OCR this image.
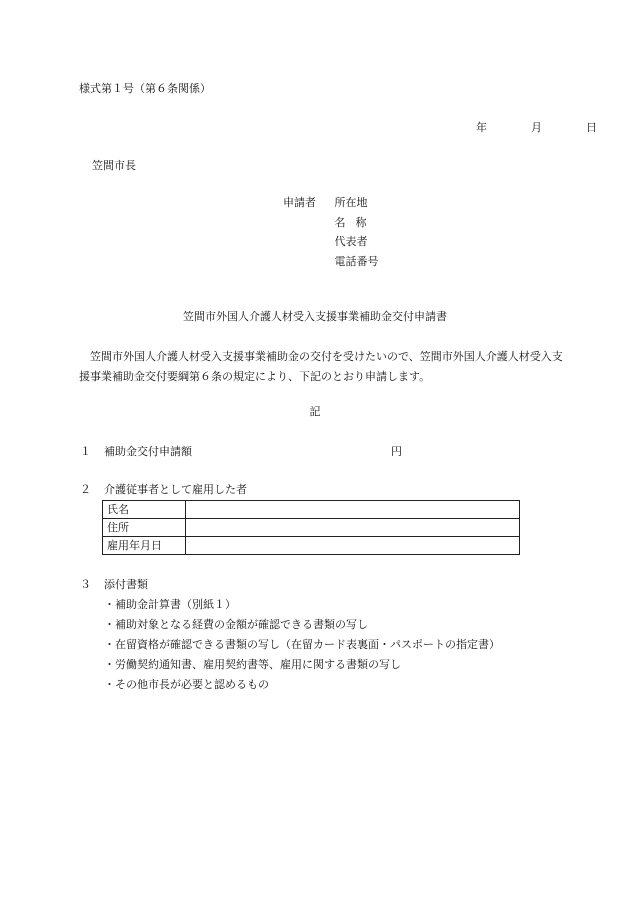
様式第１号（第６条関係）
年	月	日
笠間市長
申請者 所在地
名称
代表者
電話番号
笠間市外国人介護人材受入支援事業補助金交付申請書
笠間市外国人介護人材受入支援事業補助金の交付を受けたいので、笠間市外国人介護人材受入支援事業補助金交付要綱第６条の規定により、下記のとおり申請します。
記
１ 補助金交付申請額	円
２ 介護従事者として雇用した者
氏名	
住所	
雇用年月日	
３ 添付書類
・補助金計算書（別紙１）
・補助対象となる経費の金額が確認できる書類の写し
・在留資格が確認できる書類の写し（在留カード表裏面・パスポートの指定書）
・労働契約通知書、雇用契約書等、雇用に関する書類の写し
・その他市長が必要と認めるもの
